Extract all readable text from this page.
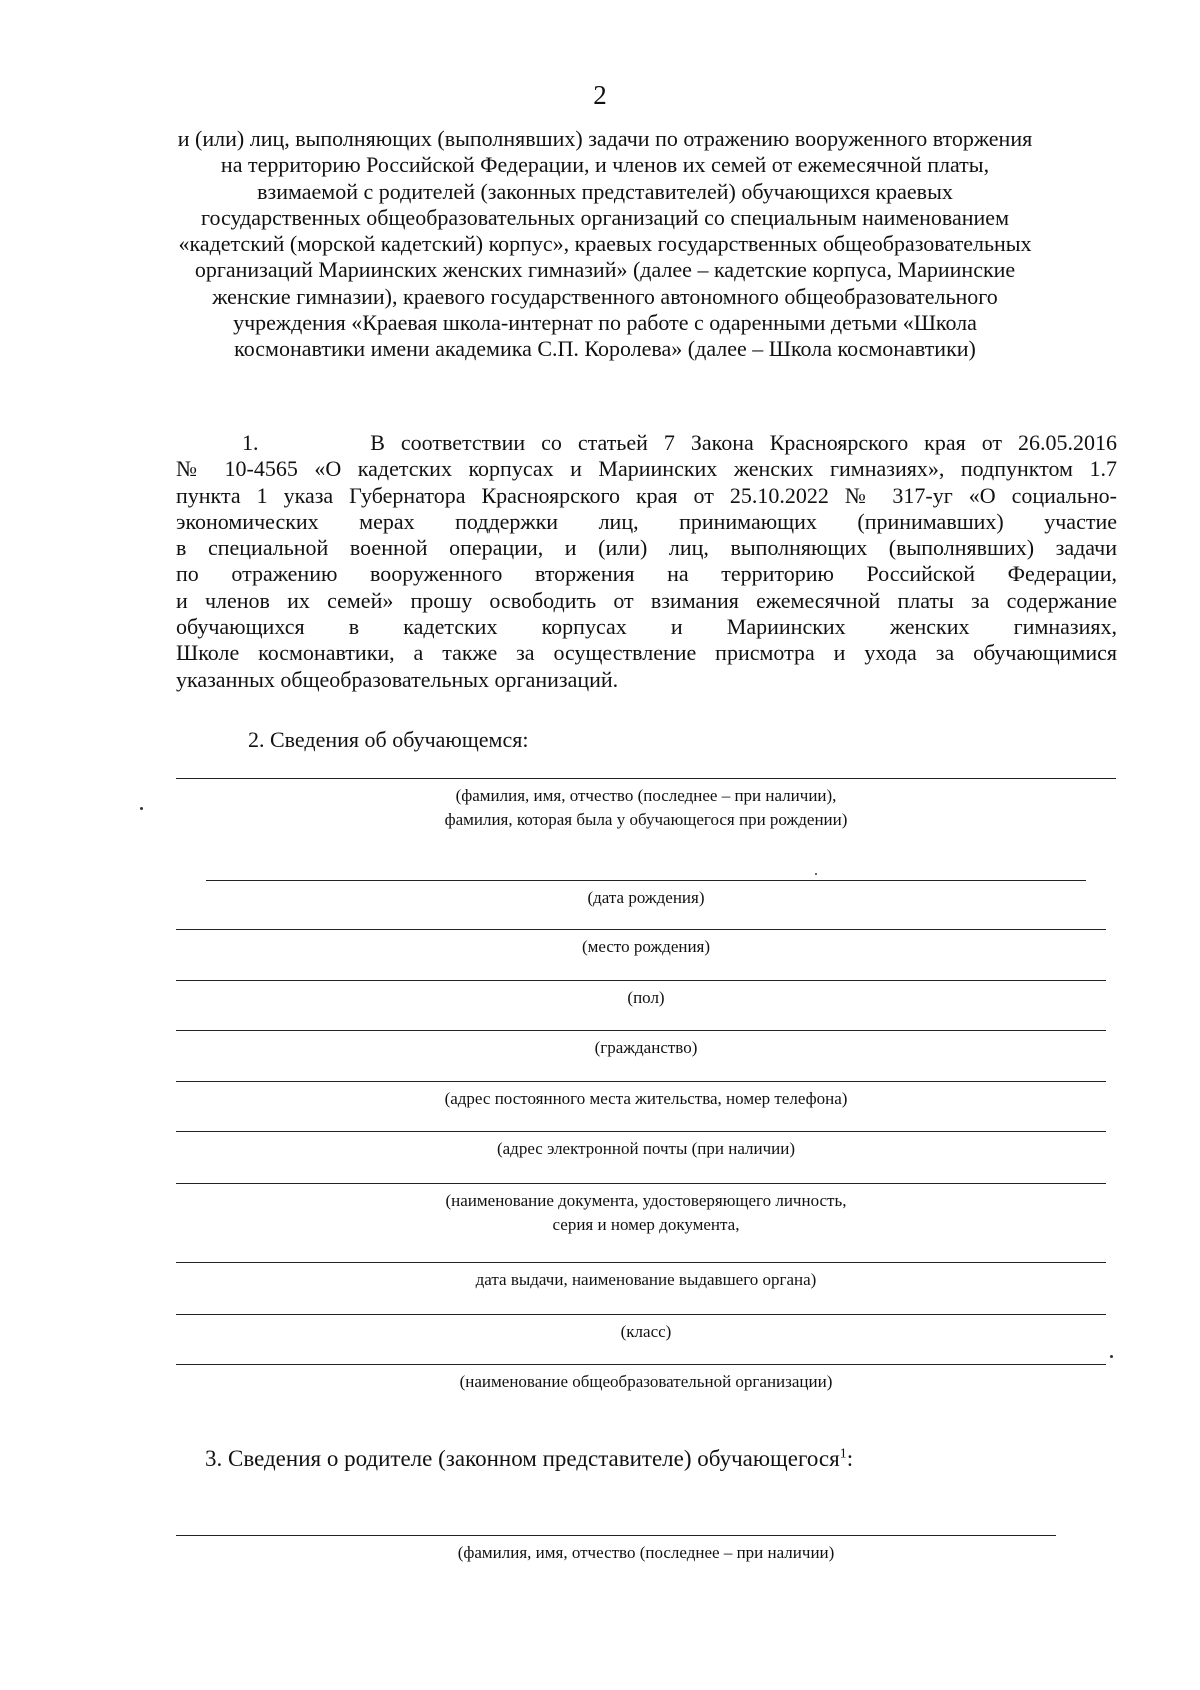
2
и (или) лиц, выполняющих (выполнявших) задачи по отражению вооруженного вторжения
на территорию Российской Федерации, и членов их семей от ежемесячной платы,
взимаемой с родителей (законных представителей) обучающихся краевых
государственных общеобразовательных организаций со специальным наименованием
«кадетский (морской кадетский) корпус», краевых государственных общеобразовательных
организаций Мариинских женских гимназий» (далее – кадетские корпуса, Мариинские
женские гимназии), краевого государственного автономного общеобразовательного
учреждения «Краевая школа-интернат по работе с одаренными детьми «Школа
космонавтики имени академика С.П. Королева» (далее – Школа космонавтики)
1.       В соответствии со статьей 7 Закона Красноярского края от 26.05.2016
№ 10-4565 «О кадетских корпусах и Мариинских женских гимназиях», подпунктом 1.7
пункта 1 указа Губернатора Красноярского края от 25.10.2022 № 317-уг «О социально-
экономических мерах поддержки лиц, принимающих (принимавших) участие
в специальной военной операции, и (или) лиц, выполняющих (выполнявших) задачи
по отражению вооруженного вторжения на территорию Российской Федерации,
и членов их семей» прошу освободить от взимания ежемесячной платы за содержание
обучающихся в кадетских корпусах и Мариинских женских гимназиях,
Школе космонавтики, а также за осуществление присмотра и ухода за обучающимися
указанных общеобразовательных организаций.
2. Сведения об обучающемся:
(фамилия, имя, отчество (последнее – при наличии),
фамилия, которая была у обучающегося при рождении)
(дата рождения)
(место рождения)
(пол)
(гражданство)
(адрес постоянного места жительства, номер телефона)
(адрес электронной почты (при наличии)
(наименование документа, удостоверяющего личность,
серия и номер документа,
дата выдачи, наименование выдавшего органа)
(класс)
(наименование общеобразовательной организации)
3. Сведения о родителе (законном представителе) обучающегося$^1$:
(фамилия, имя, отчество (последнее – при наличии)
